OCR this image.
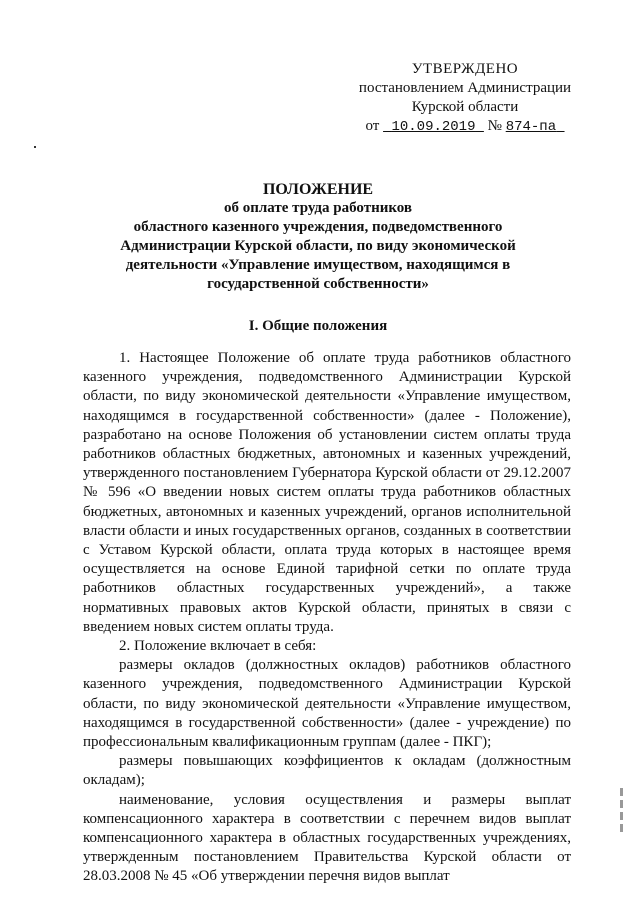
УТВЕРЖДЕНО
постановлением Администрации
Курской области
от 10.09.2019 № 874-па
ПОЛОЖЕНИЕ
об оплате труда работников
областного казенного учреждения, подведомственного
Администрации Курской области, по виду экономической
деятельности «Управление имуществом, находящимся в
государственной собственности»
I. Общие положения

1. Настоящее Положение об оплате труда работников областного казенного учреждения, подведомственного Администрации Курской области, по виду экономической деятельности «Управление имуществом, находящимся в государственной собственности» (далее - Положение), разработано на основе Положения об установлении систем оплаты труда работников областных бюджетных, автономных и казенных учреждений, утвержденного постановлением Губернатора Курской области от 29.12.2007 № 596 «О введении новых систем оплаты труда работников областных бюджетных, автономных и казенных учреждений, органов исполнительной власти области и иных государственных органов, созданных в соответствии с Уставом Курской области, оплата труда которых в настоящее время осуществляется на основе Единой тарифной сетки по оплате труда работников областных государственных учреждений», а также нормативных правовых актов Курской области, принятых в связи с введением новых систем оплаты труда.

2. Положение включает в себя:

размеры окладов (должностных окладов) работников областного казенного учреждения, подведомственного Администрации Курской области, по виду экономической деятельности «Управление имуществом, находящимся в государственной собственности» (далее - учреждение) по профессиональным квалификационным группам (далее - ПКГ);

размеры повышающих коэффициентов к окладам (должностным окладам);

наименование, условия осуществления и размеры выплат компенсационного характера в соответствии с перечнем видов выплат компенсационного характера в областных государственных учреждениях, утвержденным постановлением Правительства Курской области от 28.03.2008 № 45 «Об утверждении перечня видов выплат
